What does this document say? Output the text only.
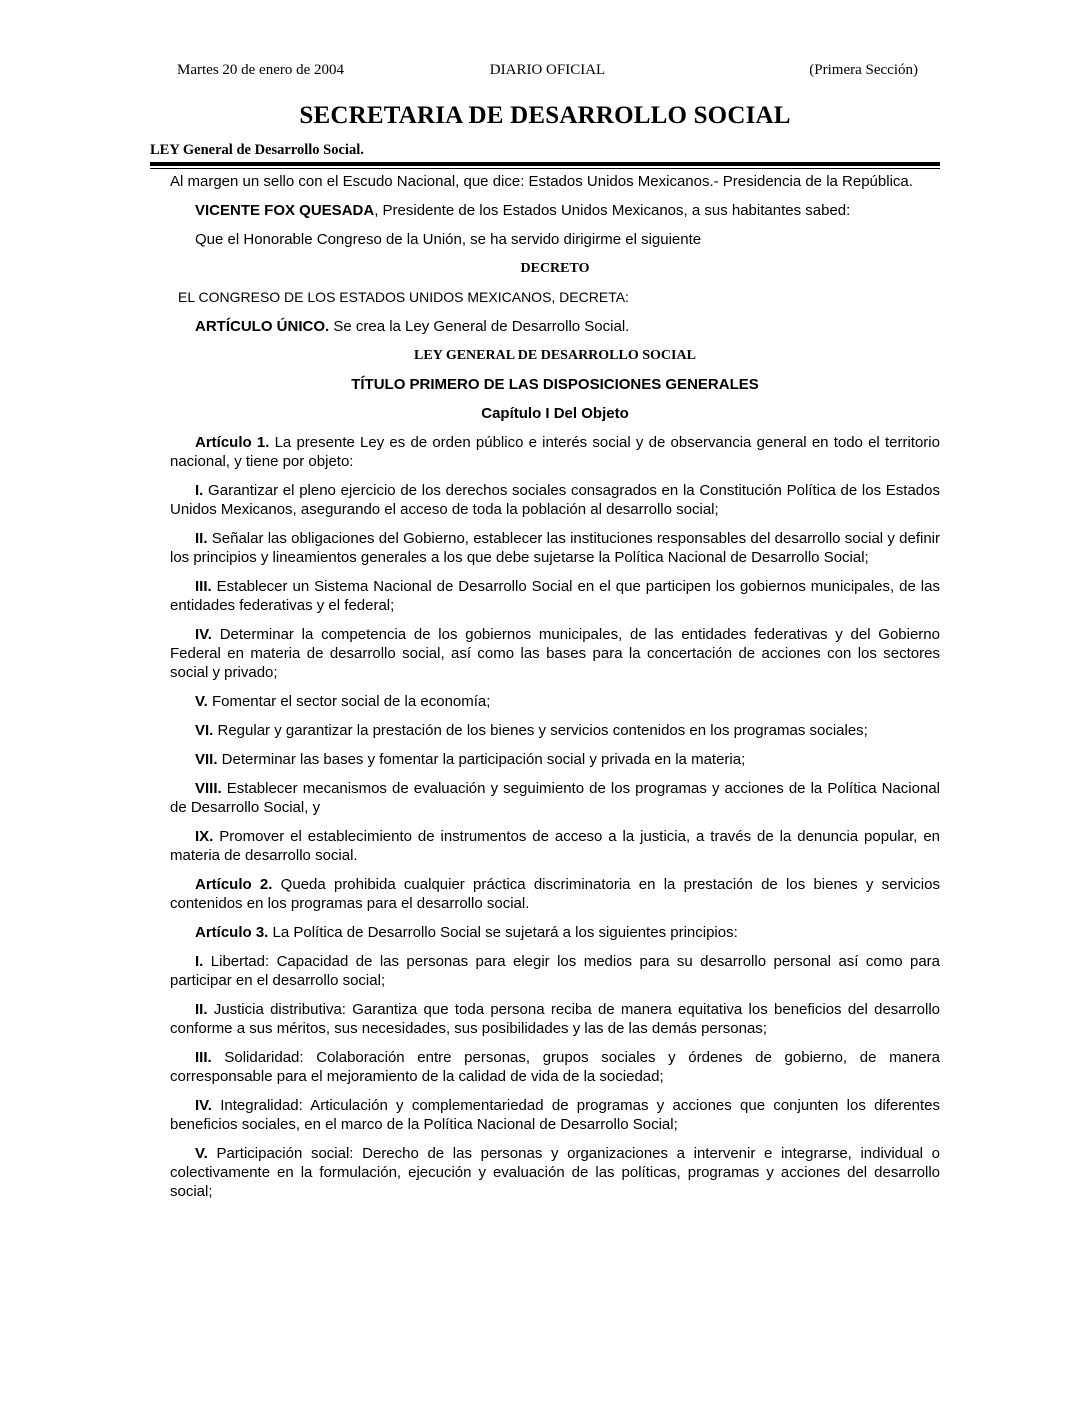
Martes 20 de enero de 2004	DIARIO OFICIAL	(Primera Sección)
SECRETARIA DE DESARROLLO SOCIAL
LEY General de Desarrollo Social.

Al margen un sello con el Escudo Nacional, que dice: Estados Unidos Mexicanos.- Presidencia de la República.

VICENTE FOX QUESADA, Presidente de los Estados Unidos Mexicanos, a sus habitantes sabed:

Que el Honorable Congreso de la Unión, se ha servido dirigirme el siguiente

DECRETO

EL CONGRESO DE LOS ESTADOS UNIDOS MEXICANOS, DECRETA:

ARTÍCULO ÚNICO. Se crea la Ley General de Desarrollo Social.

LEY GENERAL DE DESARROLLO SOCIAL

TÍTULO PRIMERO DE LAS DISPOSICIONES GENERALES

Capítulo I Del Objeto

Artículo 1. La presente Ley es de orden público e interés social y de observancia general en todo el territorio nacional, y tiene por objeto:

I. Garantizar el pleno ejercicio de los derechos sociales consagrados en la Constitución Política de los Estados Unidos Mexicanos, asegurando el acceso de toda la población al desarrollo social;

II. Señalar las obligaciones del Gobierno, establecer las instituciones responsables del desarrollo social y definir los principios y lineamientos generales a los que debe sujetarse la Política Nacional de Desarrollo Social;

III. Establecer un Sistema Nacional de Desarrollo Social en el que participen los gobiernos municipales, de las entidades federativas y el federal;

IV. Determinar la competencia de los gobiernos municipales, de las entidades federativas y del Gobierno Federal en materia de desarrollo social, así como las bases para la concertación de acciones con los sectores social y privado;

V. Fomentar el sector social de la economía;

VI. Regular y garantizar la prestación de los bienes y servicios contenidos en los programas sociales;

VII. Determinar las bases y fomentar la participación social y privada en la materia;

VIII. Establecer mecanismos de evaluación y seguimiento de los programas y acciones de la Política Nacional de Desarrollo Social, y

IX. Promover el establecimiento de instrumentos de acceso a la justicia, a través de la denuncia popular, en materia de desarrollo social.

Artículo 2. Queda prohibida cualquier práctica discriminatoria en la prestación de los bienes y servicios contenidos en los programas para el desarrollo social.

Artículo 3. La Política de Desarrollo Social se sujetará a los siguientes principios:

I. Libertad: Capacidad de las personas para elegir los medios para su desarrollo personal así como para participar en el desarrollo social;

II. Justicia distributiva: Garantiza que toda persona reciba de manera equitativa los beneficios del desarrollo conforme a sus méritos, sus necesidades, sus posibilidades y las de las demás personas;

III. Solidaridad: Colaboración entre personas, grupos sociales y órdenes de gobierno, de manera corresponsable para el mejoramiento de la calidad de vida de la sociedad;

IV. Integralidad: Articulación y complementariedad de programas y acciones que conjunten los diferentes beneficios sociales, en el marco de la Política Nacional de Desarrollo Social;

V. Participación social: Derecho de las personas y organizaciones a intervenir e integrarse, individual o colectivamente en la formulación, ejecución y evaluación de las políticas, programas y acciones del desarrollo social;
